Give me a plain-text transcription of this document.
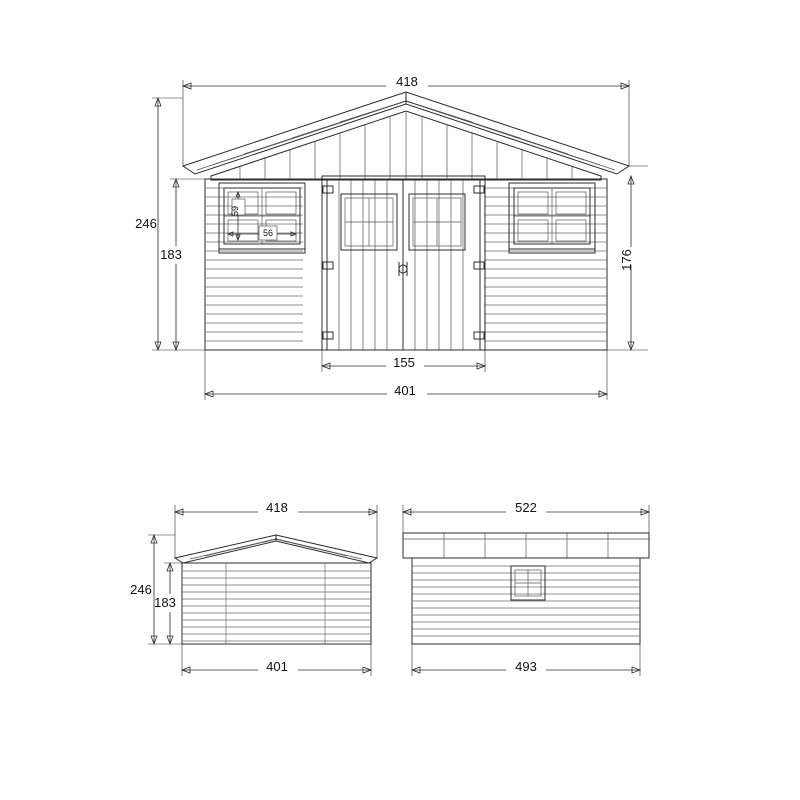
418
246
183	176
155
401
59
56
418
246
183
401
522
493
